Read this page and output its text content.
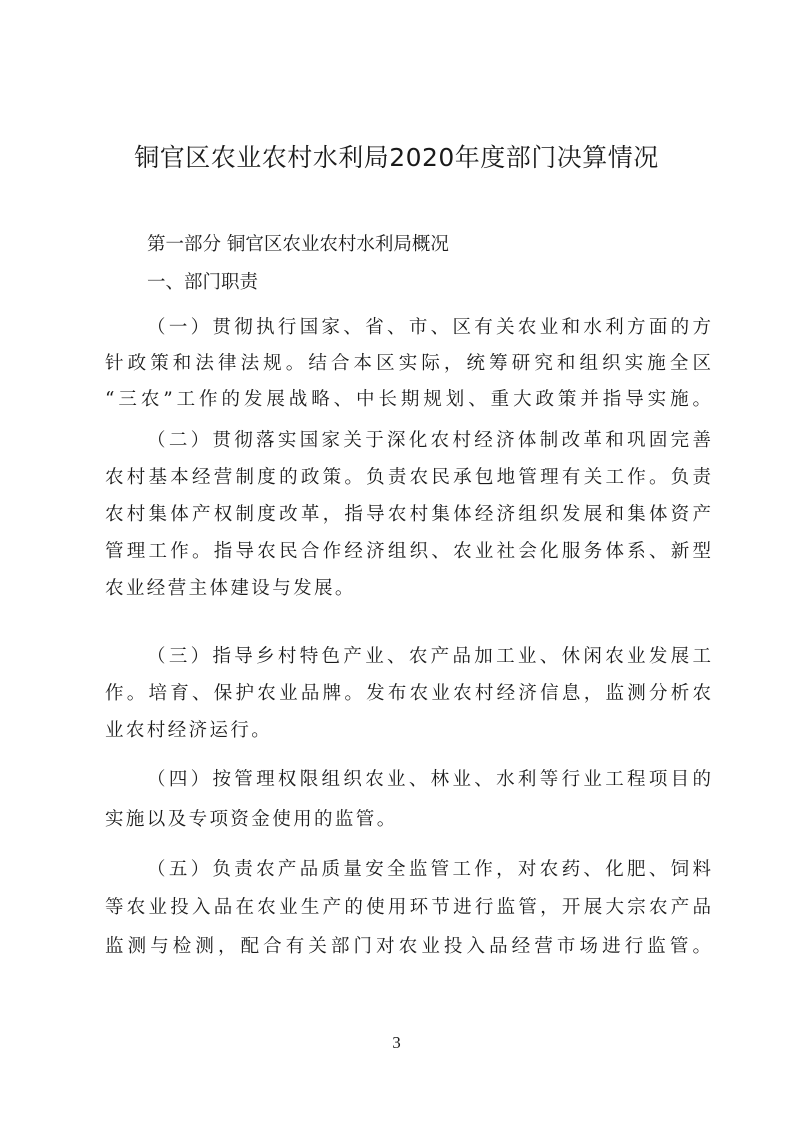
铜官区农业农村水利局2020年度部门决算情况
第一部分 铜官区农业农村水利局概况
一、部门职责
（一）贯彻执行国家、省、市、区有关农业和水利方面的方
针政策和法律法规。结合本区实际，统筹研究和组织实施全区
“三农”工作的发展战略、中长期规划、重大政策并指导实施。
（二）贯彻落实国家关于深化农村经济体制改革和巩固完善
农村基本经营制度的政策。负责农民承包地管理有关工作。负责
农村集体产权制度改革，指导农村集体经济组织发展和集体资产
管理工作。指导农民合作经济组织、农业社会化服务体系、新型
农业经营主体建设与发展。
（三）指导乡村特色产业、农产品加工业、休闲农业发展工
作。培育、保护农业品牌。发布农业农村经济信息，监测分析农
业农村经济运行。
（四）按管理权限组织农业、林业、水利等行业工程项目的
实施以及专项资金使用的监管。
（五）负责农产品质量安全监管工作，对农药、化肥、饲料
等农业投入品在农业生产的使用环节进行监管，开展大宗农产品
监测与检测，配合有关部门对农业投入品经营市场进行监管。
3
